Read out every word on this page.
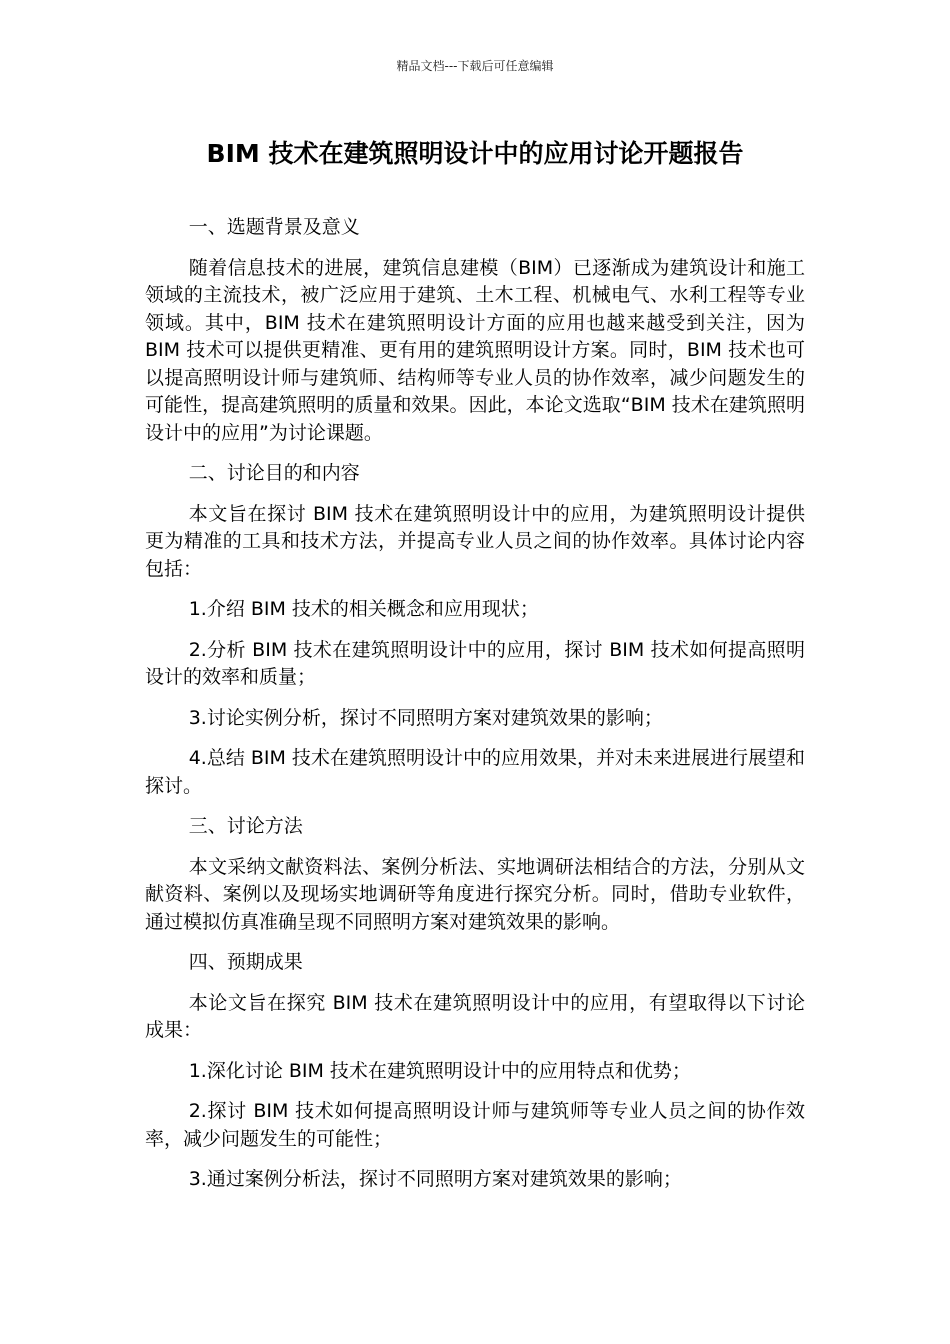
精品文档---下载后可任意编辑
BIM 技术在建筑照明设计中的应用讨论开题报告
一、选题背景及意义

随着信息技术的进展，建筑信息建模（BIM）已逐渐成为建筑设计和施工领域的主流技术，被广泛应用于建筑、土木工程、机械电气、水利工程等专业领域。其中，BIM 技术在建筑照明设计方面的应用也越来越受到关注，因为 BIM 技术可以提供更精准、更有用的建筑照明设计方案。同时，BIM 技术也可以提高照明设计师与建筑师、结构师等专业人员的协作效率，减少问题发生的可能性，提高建筑照明的质量和效果。因此，本论文选取“BIM 技术在建筑照明设计中的应用”为讨论课题。

二、讨论目的和内容

本文旨在探讨 BIM 技术在建筑照明设计中的应用，为建筑照明设计提供更为精准的工具和技术方法，并提高专业人员之间的协作效率。具体讨论内容包括：

1.介绍 BIM 技术的相关概念和应用现状；

2.分析 BIM 技术在建筑照明设计中的应用，探讨 BIM 技术如何提高照明设计的效率和质量；

3.讨论实例分析，探讨不同照明方案对建筑效果的影响；

4.总结 BIM 技术在建筑照明设计中的应用效果，并对未来进展进行展望和探讨。

三、讨论方法

本文采纳文献资料法、案例分析法、实地调研法相结合的方法，分别从文献资料、案例以及现场实地调研等角度进行探究分析。同时，借助专业软件，通过模拟仿真准确呈现不同照明方案对建筑效果的影响。

四、预期成果

本论文旨在探究 BIM 技术在建筑照明设计中的应用，有望取得以下讨论成果：

1.深化讨论 BIM 技术在建筑照明设计中的应用特点和优势；

2.探讨 BIM 技术如何提高照明设计师与建筑师等专业人员之间的协作效率，减少问题发生的可能性；

3.通过案例分析法，探讨不同照明方案对建筑效果的影响；
